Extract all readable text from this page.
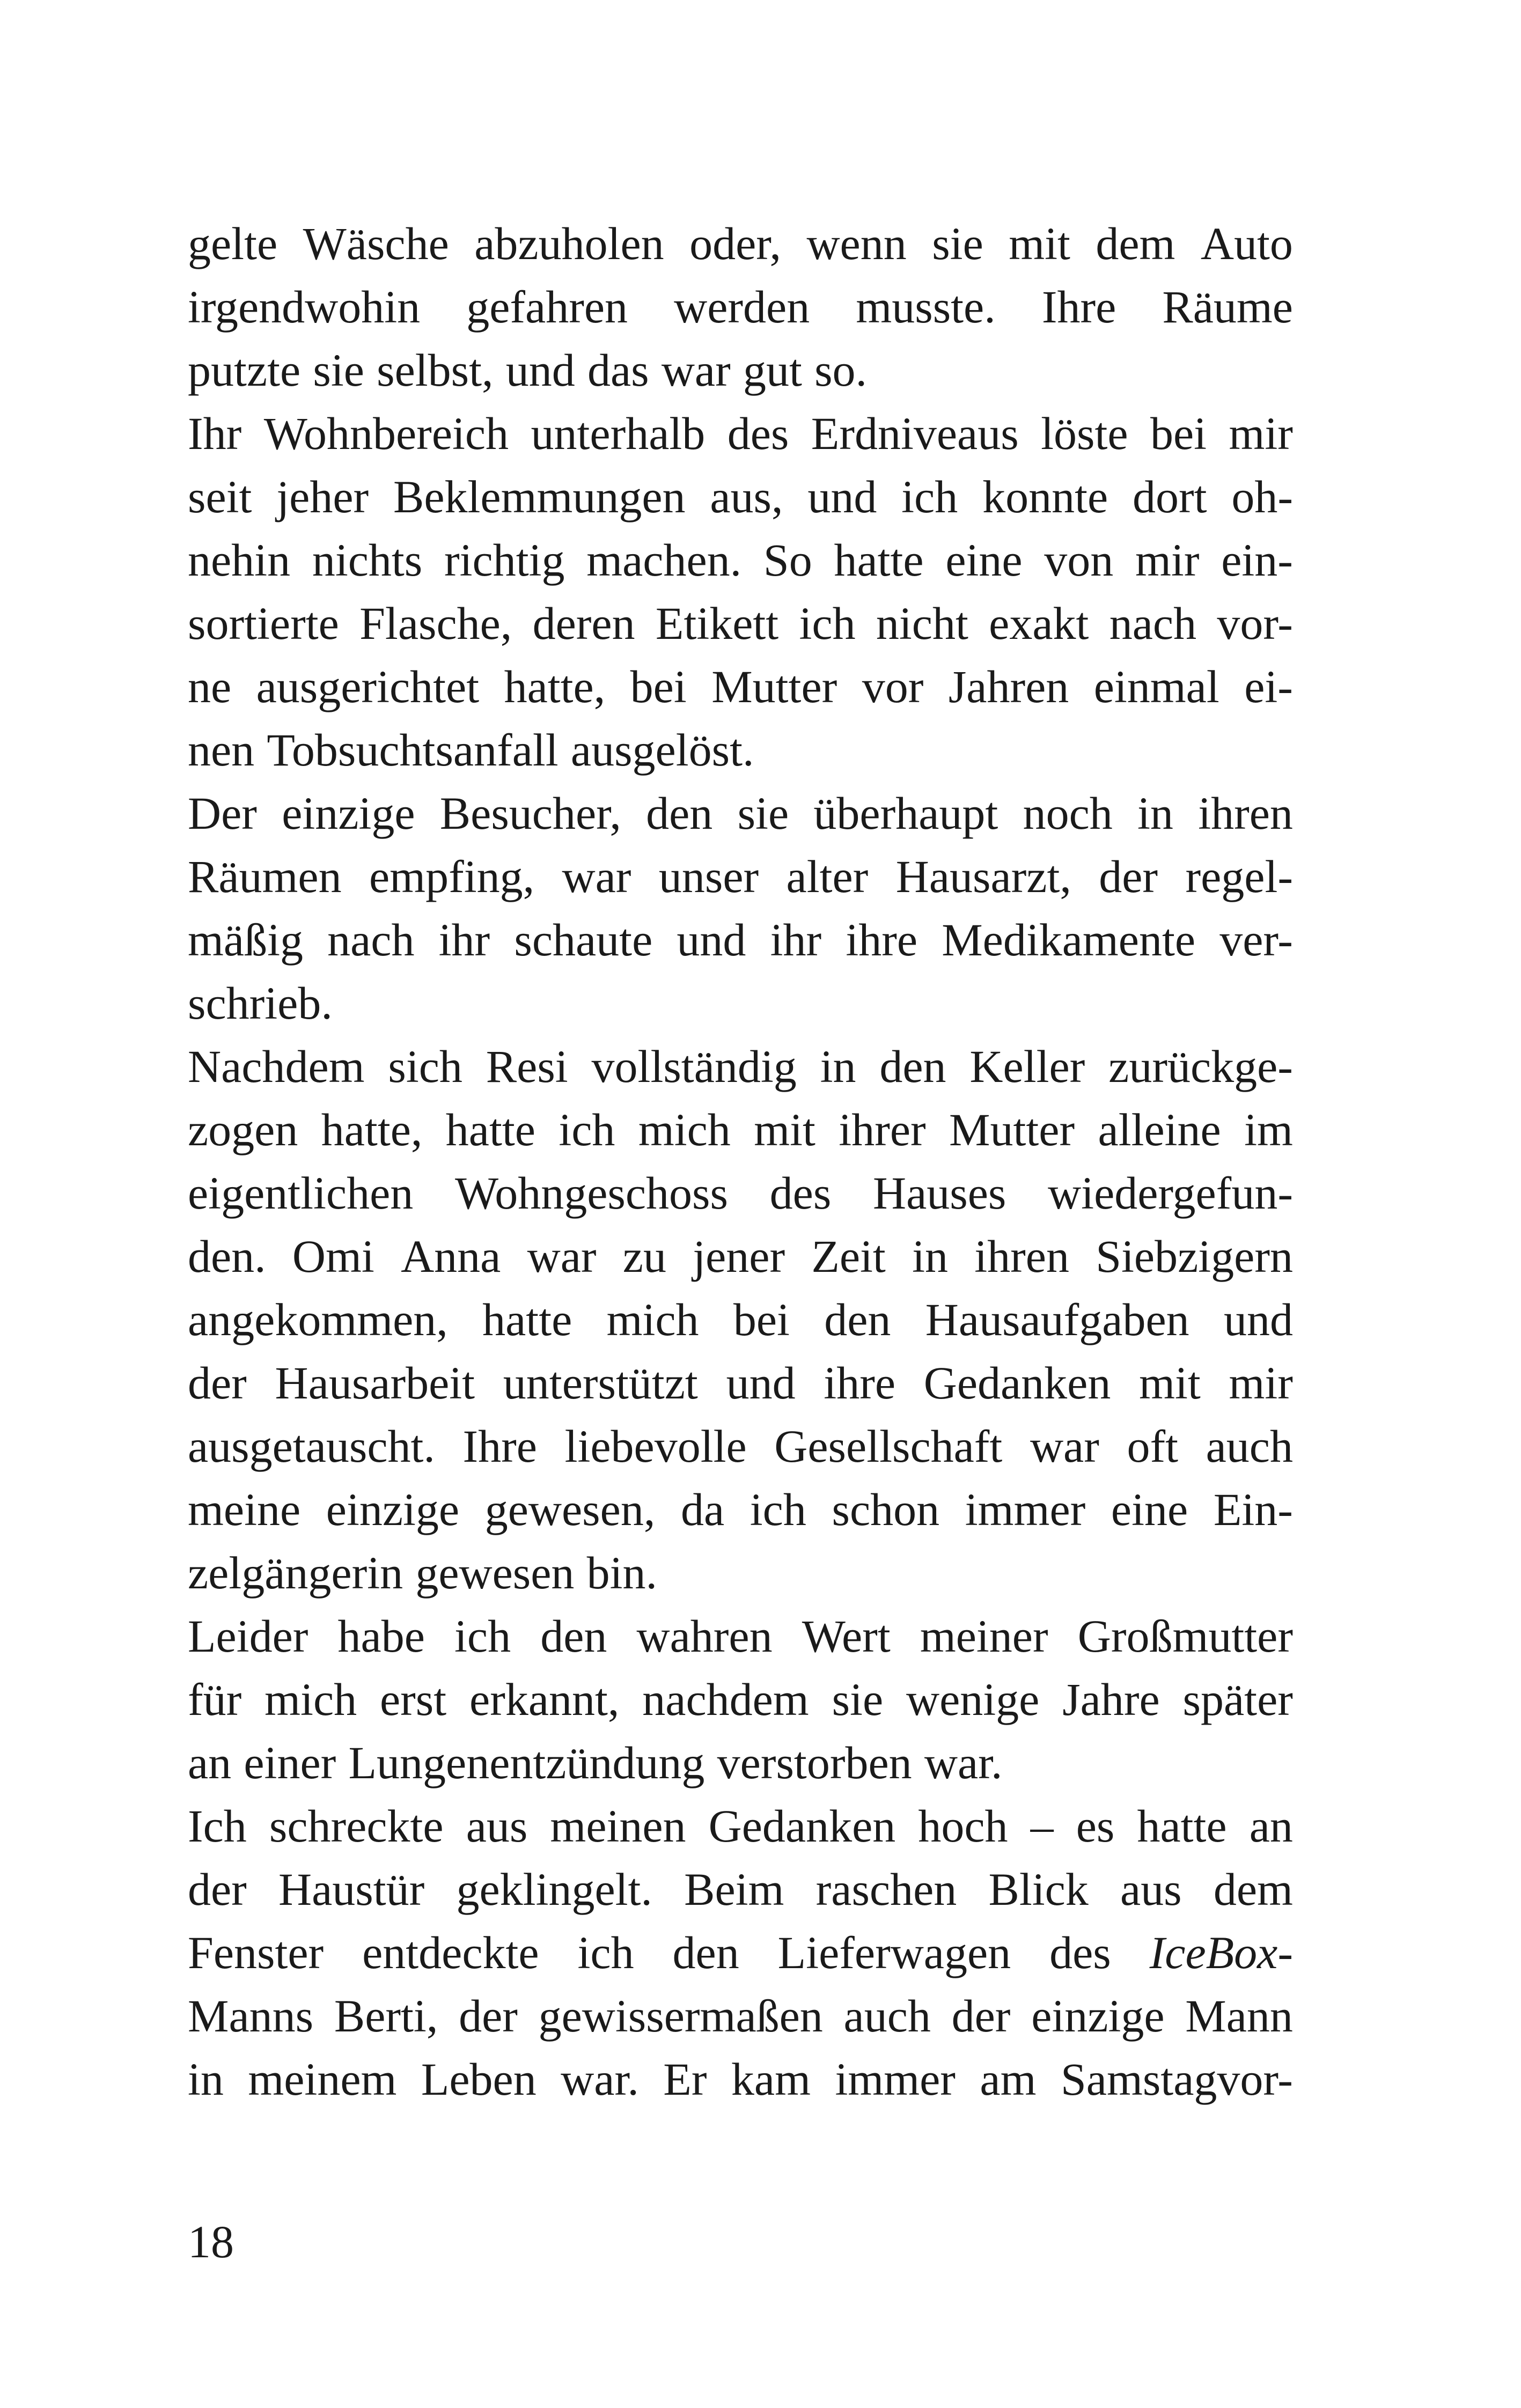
gelte Wäsche abzuholen oder, wenn sie mit dem Auto
irgendwohin gefahren werden musste. Ihre Räume
putzte sie selbst, und das war gut so.
Ihr Wohnbereich unterhalb des Erdniveaus löste bei mir
seit jeher Beklemmungen aus, und ich konnte dort oh-
nehin nichts richtig machen. So hatte eine von mir ein-
sortierte Flasche, deren Etikett ich nicht exakt nach vor-
ne ausgerichtet hatte, bei Mutter vor Jahren einmal ei-
nen Tobsuchtsanfall ausgelöst.
Der einzige Besucher, den sie überhaupt noch in ihren
Räumen empfing, war unser alter Hausarzt, der regel-
mäßig nach ihr schaute und ihr ihre Medikamente ver-
schrieb.
Nachdem sich Resi vollständig in den Keller zurückge-
zogen hatte, hatte ich mich mit ihrer Mutter alleine im
eigentlichen Wohngeschoss des Hauses wiedergefun-
den. Omi Anna war zu jener Zeit in ihren Siebzigern
angekommen, hatte mich bei den Hausaufgaben und
der Hausarbeit unterstützt und ihre Gedanken mit mir
ausgetauscht. Ihre liebevolle Gesellschaft war oft auch
meine einzige gewesen, da ich schon immer eine Ein-
zelgängerin gewesen bin.
Leider habe ich den wahren Wert meiner Großmutter
für mich erst erkannt, nachdem sie wenige Jahre später
an einer Lungenentzündung verstorben war.
Ich schreckte aus meinen Gedanken hoch – es hatte an
der Haustür geklingelt. Beim raschen Blick aus dem
Fenster entdeckte ich den Lieferwagen des IceBox-
Manns Berti, der gewissermaßen auch der einzige Mann
in meinem Leben war. Er kam immer am Samstagvor-
18
